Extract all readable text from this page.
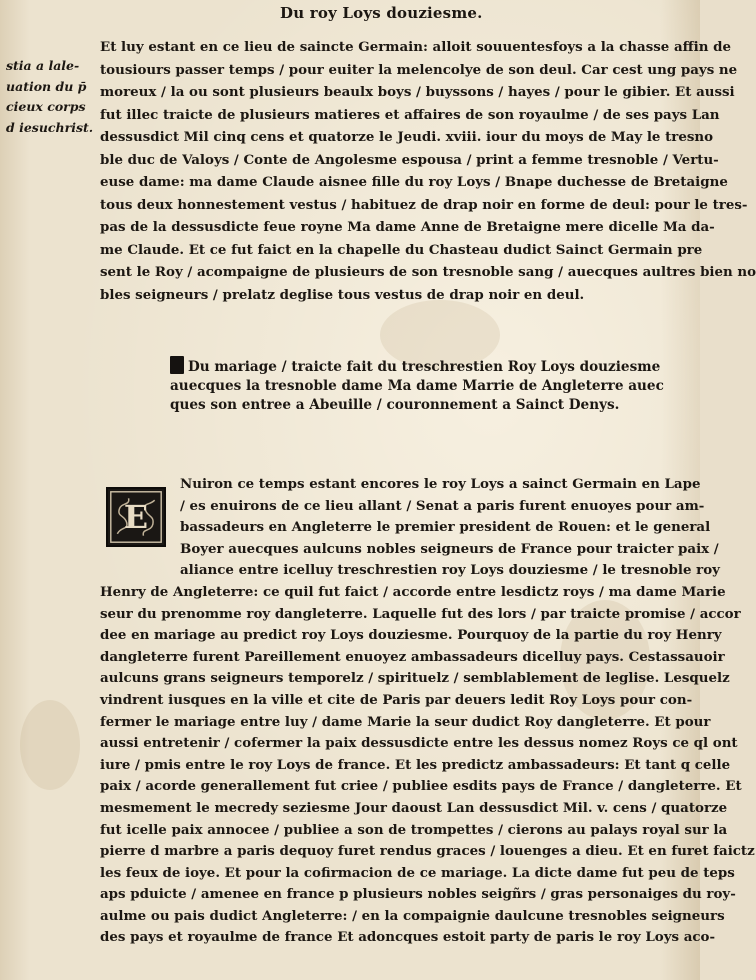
Du roy Loys douziesme.
stia a lale-
uation du p̄
cieux corps
d iesuchrist.
Et luy estant en ce lieu de saincte Germain: alloit souuentesfoys a la chasse affin de
tousiours passer temps / pour euiter la melencolye de son deul. Car cest ung pays ne
moreux / la ou sont plusieurs beaulx boys / buyssons / hayes / pour le gibier. Et aussi
fut illec traicte de plusieurs matieres et affaires de son royaulme / de ses pays Lan
dessusdict Mil cinq cens et quatorze le Jeudi. xviii. iour du moys de May le tresno
ble duc de Valoys / Conte de Angolesme espousa / print a femme tresnoble / Vertu-
euse dame: ma dame Claude aisnee fille du roy Loys / Bnape duchesse de Bretaigne
tous deux honnestement vestus / habituez de drap noir en forme de deul: pour le tres-
pas de la dessusdicte feue royne Ma dame Anne de Bretaigne mere dicelle Ma da-
me Claude. Et ce fut faict en la chapelle du Chasteau dudict Sainct Germain pre
sent le Roy / acompaigne de plusieurs de son tresnoble sang / auecques aultres bien no
bles seigneurs / prelatz deglise tous vestus de drap noir en deul.
Du mariage / traicte fait du treschrestien Roy Loys douziesme
auecques la tresnoble dame Ma dame Marrie de Angleterre auec
ques son entree a Abeuille / couronnement a Sainct Denys.
E
Nuiron ce temps estant encores le roy Loys a sainct Germain en Lape
/ es enuirons de ce lieu allant / Senat a paris furent enuoyes pour am-
bassadeurs en Angleterre le premier president de Rouen: et le general
Boyer auecques aulcuns nobles seigneurs de France pour traicter paix /
aliance entre icelluy treschrestien roy Loys douziesme / le tresnoble roy
Henry de Angleterre: ce quil fut faict / accorde entre lesdictz roys / ma dame Marie
seur du prenomme roy dangleterre. Laquelle fut des lors / par traicte promise / accor
dee en mariage au predict roy Loys douziesme. Pourquoy de la partie du roy Henry
dangleterre furent Pareillement enuoyez ambassadeurs dicelluy pays. Cestassauoir
aulcuns grans seigneurs temporelz / spirituelz / semblablement de leglise. Lesquelz
vindrent iusques en la ville et cite de Paris par deuers ledit Roy Loys pour con-
fermer le mariage entre luy / dame Marie la seur dudict Roy dangleterre. Et pour
aussi entretenir / cofermer la paix dessusdicte entre les dessus nomez Roys ce ql ont
iure / pmis entre le roy Loys de france. Et les predictz ambassadeurs: Et tant q celle
paix / acorde generallement fut criee / publiee esdits pays de France / dangleterre. Et
mesmement le mecredy seziesme Jour daoust Lan dessusdict Mil. v. cens / quatorze
fut icelle paix annocee / publiee a son de trompettes / cierons au palays royal sur la
pierre d marbre a paris dequoy furet rendus graces / louenges a dieu. Et en furet faictz
les feux de ioye. Et pour la cofirmacion de ce mariage. La dicte dame fut peu de teps
aps pduicte / amenee en france p plusieurs nobles seigñrs / gras personaiges du roy-
aulme ou pais dudict Angleterre: / en la compaignie daulcune tresnobles seigneurs
des pays et royaulme de france Et adoncques estoit party de paris le roy Loys aco-
